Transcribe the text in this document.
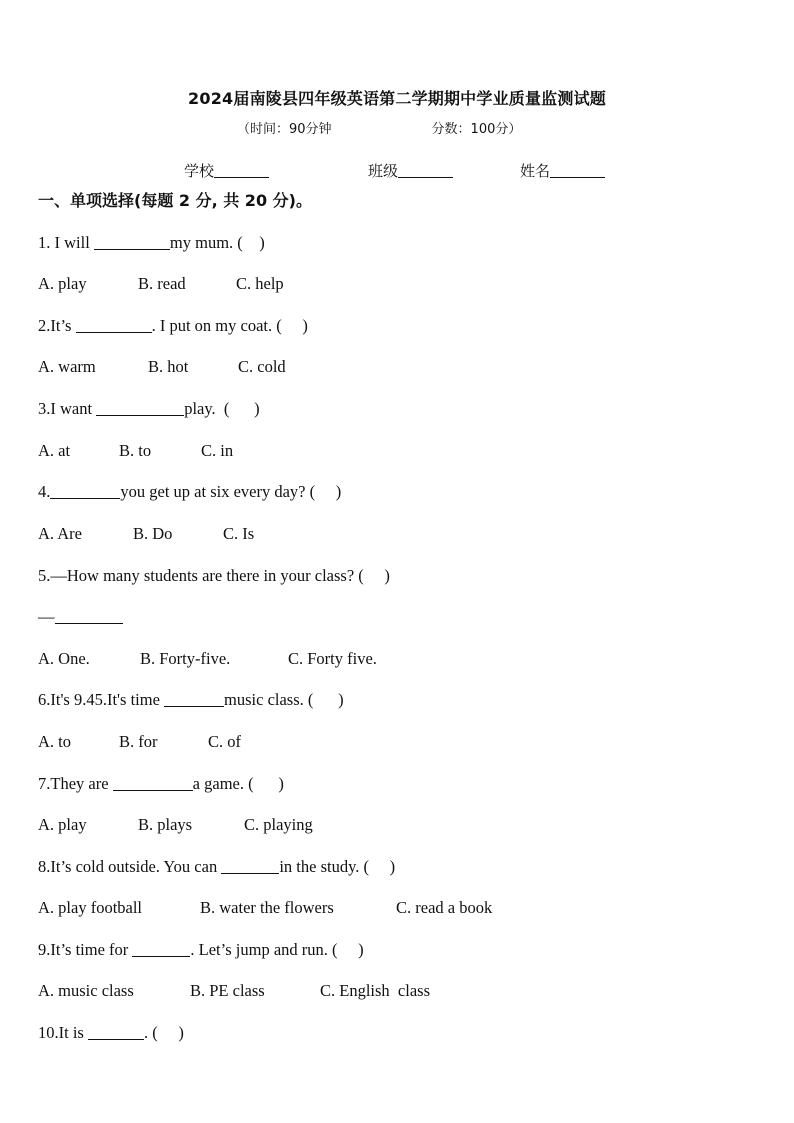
2024届南陵县四年级英语第二学期期中学业质量监测试题
（时间：90分钟	分数：100分）
学校	班级	姓名
一、单项选择(每题 2 分, 共 20 分)。
1. I will	my mum. (    )
A. play	B. read	C. help
2.It’s	. I put on my coat. (     )
A. warm	B. hot	C. cold
3.I want	play.  (      )
A. at	B. to	C. in
4.	you get up at six every day? (     )
A. Are	B. Do	C. Is
5.—How many students are there in your class? (     )
—
A. One.	B. Forty-five.	C. Forty five.
6.It's 9.45.It's time	music class. (      )
A. to	B. for	C. of
7.They are	a game. (      )
A. play	B. plays	C. playing
8.It’s cold outside. You can	in the study. (     )
A. play football	B. water the flowers	C. read a book
9.It’s time for	. Let’s jump and run. (     )
A. music class	B. PE class	C. English  class
10.It is	. (     )
